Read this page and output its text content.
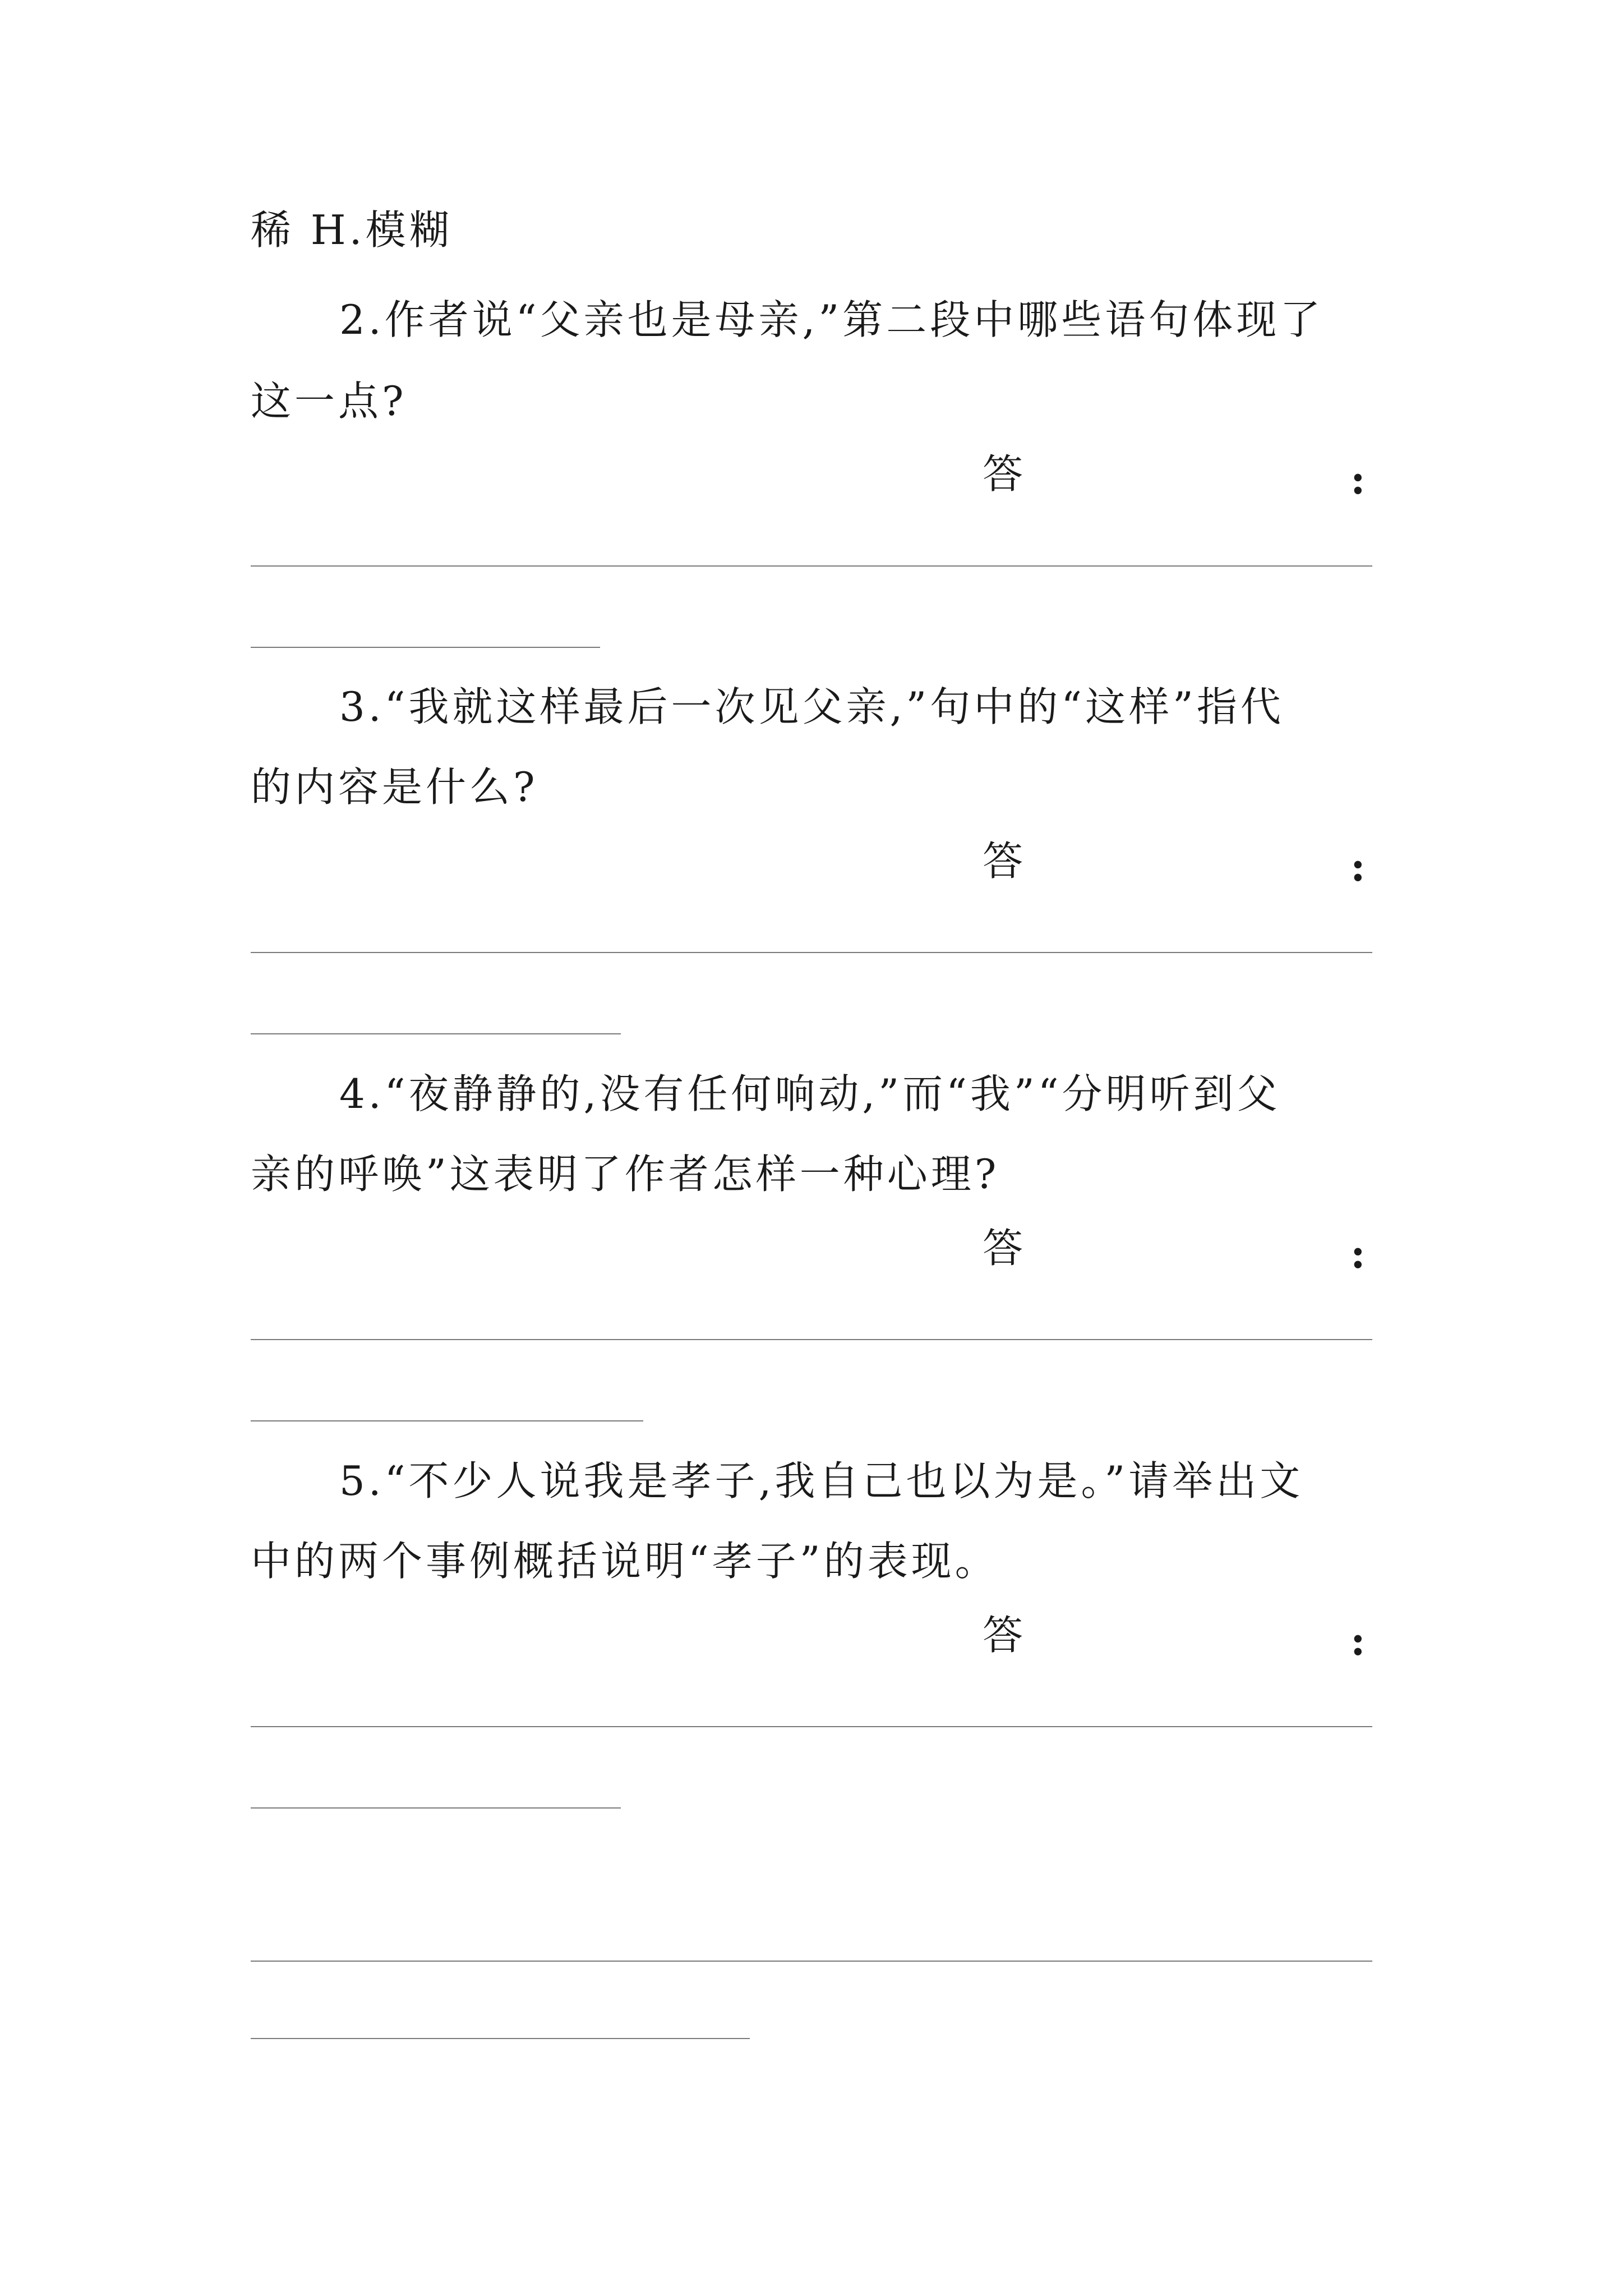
稀 H.模糊
2.作者说“父亲也是母亲,”第二段中哪些语句体现了
这一点?
答	:
3.“我就这样最后一次见父亲,”句中的“这样”指代
的内容是什么?
答	:
4.“夜静静的,没有任何响动,”而“我”“分明听到父
亲的呼唤”这表明了作者怎样一种心理?
答	:
5.“不少人说我是孝子,我自己也以为是。”请举出文
中的两个事例概括说明“孝子”的表现。
答	:
